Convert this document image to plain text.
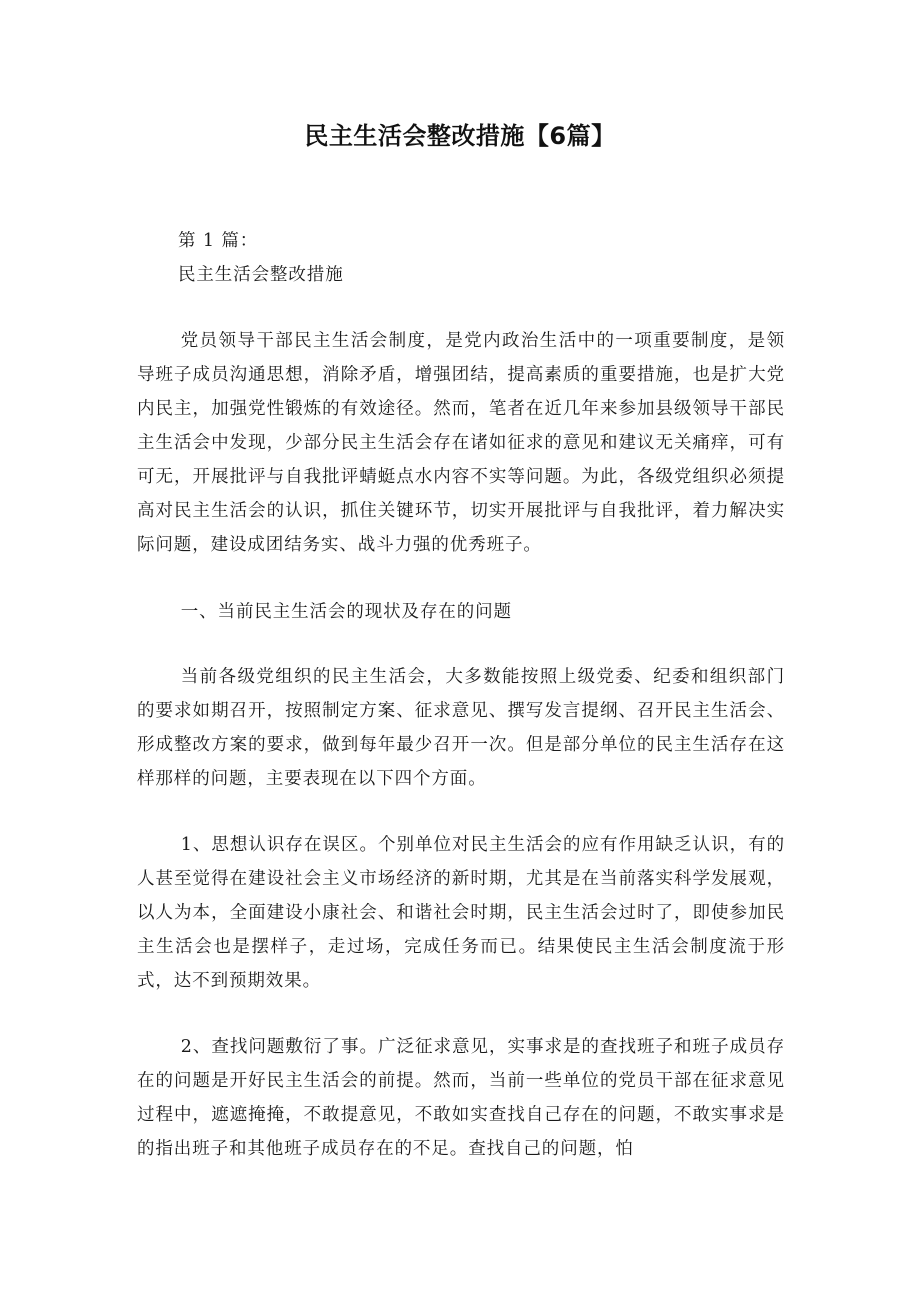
民主生活会整改措施【6篇】

第 1 篇：

民主生活会整改措施

党员领导干部民主生活会制度，是党内政治生活中的一项重要制度，是领导班子成员沟通思想，消除矛盾，增强团结，提高素质的重要措施，也是扩大党内民主，加强党性锻炼的有效途径。然而，笔者在近几年来参加县级领导干部民主生活会中发现，少部分民主生活会存在诸如征求的意见和建议无关痛痒，可有可无，开展批评与自我批评蜻蜓点水内容不实等问题。为此，各级党组织必须提高对民主生活会的认识，抓住关键环节，切实开展批评与自我批评，着力解决实际问题，建设成团结务实、战斗力强的优秀班子。

一、当前民主生活会的现状及存在的问题

当前各级党组织的民主生活会，大多数能按照上级党委、纪委和组织部门的要求如期召开，按照制定方案、征求意见、撰写发言提纲、召开民主生活会、形成整改方案的要求，做到每年最少召开一次。但是部分单位的民主生活存在这样那样的问题，主要表现在以下四个方面。

1、思想认识存在误区。个别单位对民主生活会的应有作用缺乏认识，有的人甚至觉得在建设社会主义市场经济的新时期，尤其是在当前落实科学发展观，以人为本，全面建设小康社会、和谐社会时期，民主生活会过时了，即使参加民主生活会也是摆样子，走过场，完成任务而已。结果使民主生活会制度流于形式，达不到预期效果。

2、查找问题敷衍了事。广泛征求意见，实事求是的查找班子和班子成员存在的问题是开好民主生活会的前提。然而，当前一些单位的党员干部在征求意见过程中，遮遮掩掩，不敢提意见，不敢如实查找自己存在的问题，不敢实事求是的指出班子和其他班子成员存在的不足。查找自己的问题，怕
